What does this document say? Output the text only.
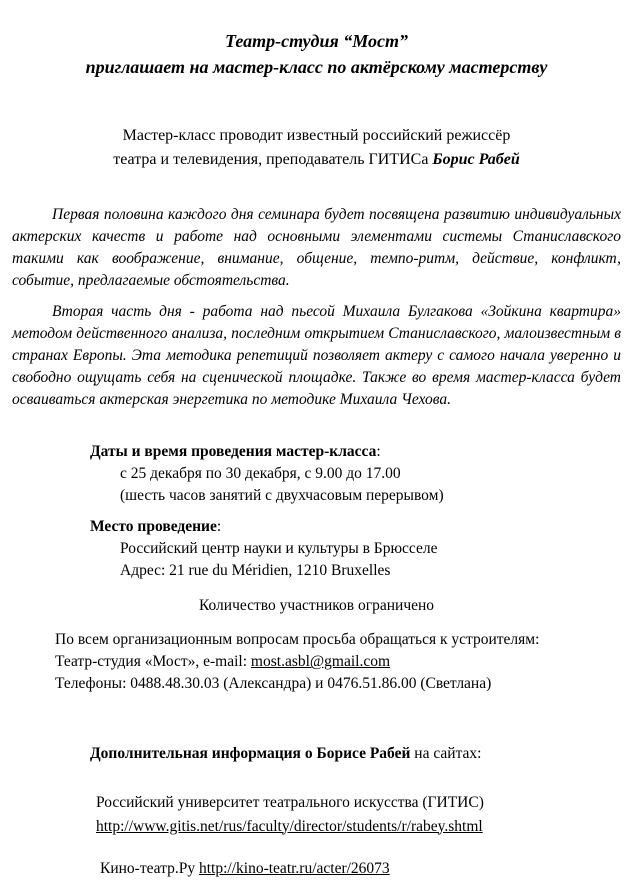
Театр-студия “Мост”
приглашает на мастер-класс по актёрскому мастерству

Мастер-класс проводит известный российский режиссёр
театра и телевидения, преподаватель ГИТИСа Борис Рабей

Первая половина каждого дня семинара будет посвящена развитию индивидуальных актерских качеств и работе над основными элементами системы Станиславского такими как воображение, внимание, общение, темпо-ритм, действие, конфликт, событие, предлагаемые обстоятельства.

Вторая часть дня - работа над пьесой Михаила Булгакова «Зойкина квартира» методом действенного анализа, последним открытием Станиславского, малоизвестным в странах Европы. Эта методика репетиций позволяет актеру с самого начала уверенно и свободно ощущать себя на сценической площадке. Также во время мастер-класса будет осваиваться актерская энергетика по методике Михаила Чехова.

Даты и время проведения мастер-класса:

с 25 декабря по 30 декабря, с 9.00 до 17.00

(шесть часов занятий с двухчасовым перерывом)

Место проведение:

Российский центр науки и культуры в Брюсселе

Адрес: 21 rue du Méridien, 1210 Bruxelles

Количество участников ограничено

По всем организационным вопросам просьба обращаться к устроителям:

Театр-студия «Мост», e-mail: most.asbl@gmail.com

Телефоны: 0488.48.30.03 (Александра) и 0476.51.86.00 (Светлана)

Дополнительная информация о Борисе Рабей на сайтах:

Российский университет театрального искусства (ГИТИС)

http://www.gitis.net/rus/faculty/director/students/r/rabey.shtml

Кино-театр.Ру http://kino-teatr.ru/acter/26073
